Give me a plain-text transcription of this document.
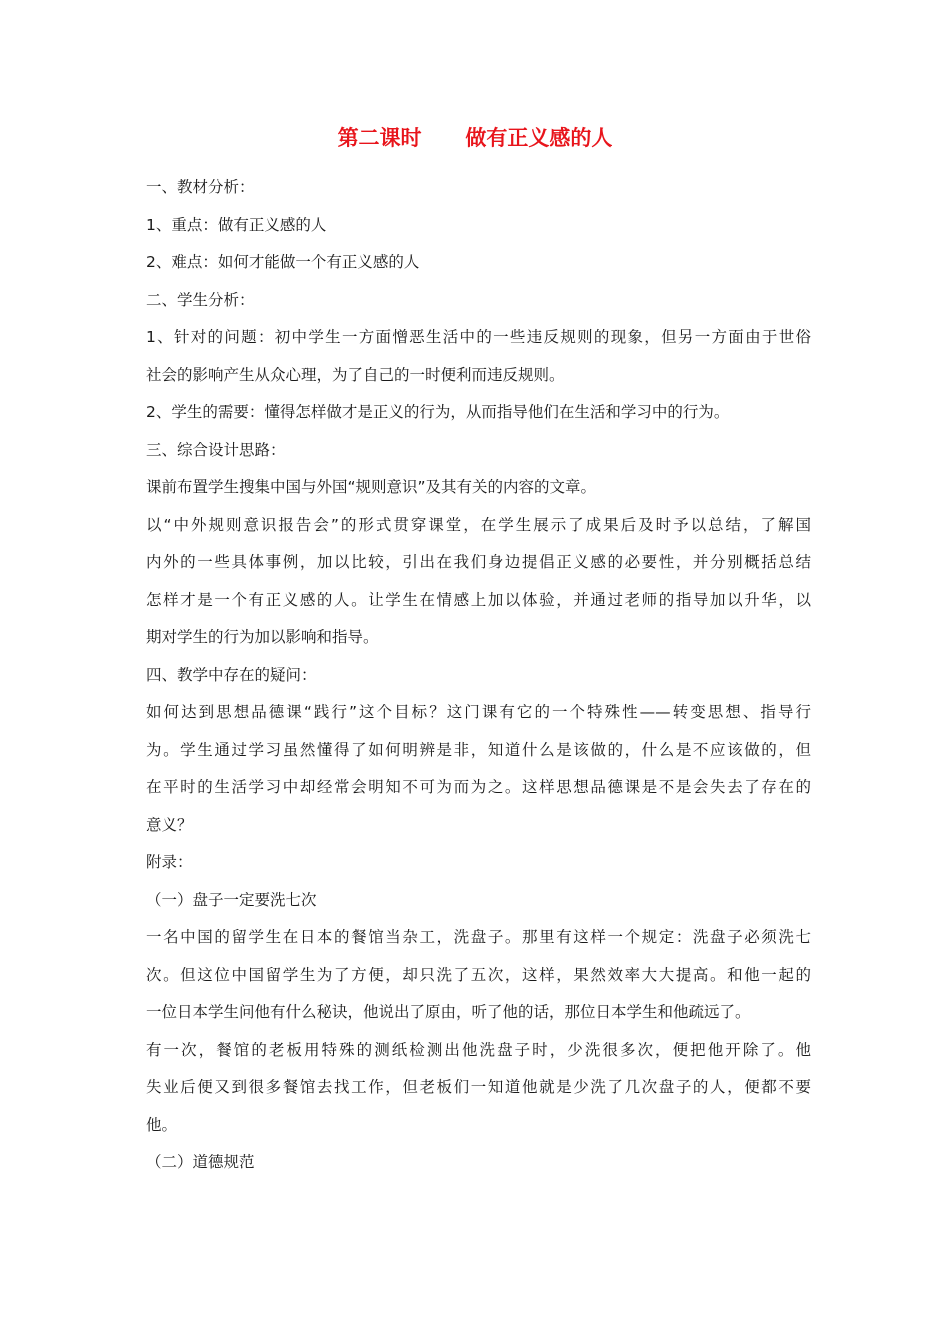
第二课时      做有正义感的人
一、教材分析：
1、重点：做有正义感的人
2、难点：如何才能做一个有正义感的人
二、学生分析：
1、针对的问题：初中学生一方面憎恶生活中的一些违反规则的现象，但另一方面由于世俗
社会的影响产生从众心理，为了自己的一时便利而违反规则。
2、学生的需要：懂得怎样做才是正义的行为，从而指导他们在生活和学习中的行为。
三、综合设计思路：
课前布置学生搜集中国与外国“规则意识”及其有关的内容的文章。
以“中外规则意识报告会”的形式贯穿课堂，在学生展示了成果后及时予以总结，了解国
内外的一些具体事例，加以比较，引出在我们身边提倡正义感的必要性，并分别概括总结
怎样才是一个有正义感的人。让学生在情感上加以体验，并通过老师的指导加以升华，以
期对学生的行为加以影响和指导。
四、教学中存在的疑问：
如何达到思想品德课“践行”这个目标？这门课有它的一个特殊性——转变思想、指导行
为。学生通过学习虽然懂得了如何明辨是非，知道什么是该做的，什么是不应该做的，但
在平时的生活学习中却经常会明知不可为而为之。这样思想品德课是不是会失去了存在的
意义？
附录：
（一）盘子一定要洗七次
一名中国的留学生在日本的餐馆当杂工，洗盘子。那里有这样一个规定：洗盘子必须洗七
次。但这位中国留学生为了方便，却只洗了五次，这样，果然效率大大提高。和他一起的
一位日本学生问他有什么秘诀，他说出了原由，听了他的话，那位日本学生和他疏远了。
有一次，餐馆的老板用特殊的测纸检测出他洗盘子时，少洗很多次，便把他开除了。他
失业后便又到很多餐馆去找工作，但老板们一知道他就是少洗了几次盘子的人，便都不要
他。
（二）道德规范
